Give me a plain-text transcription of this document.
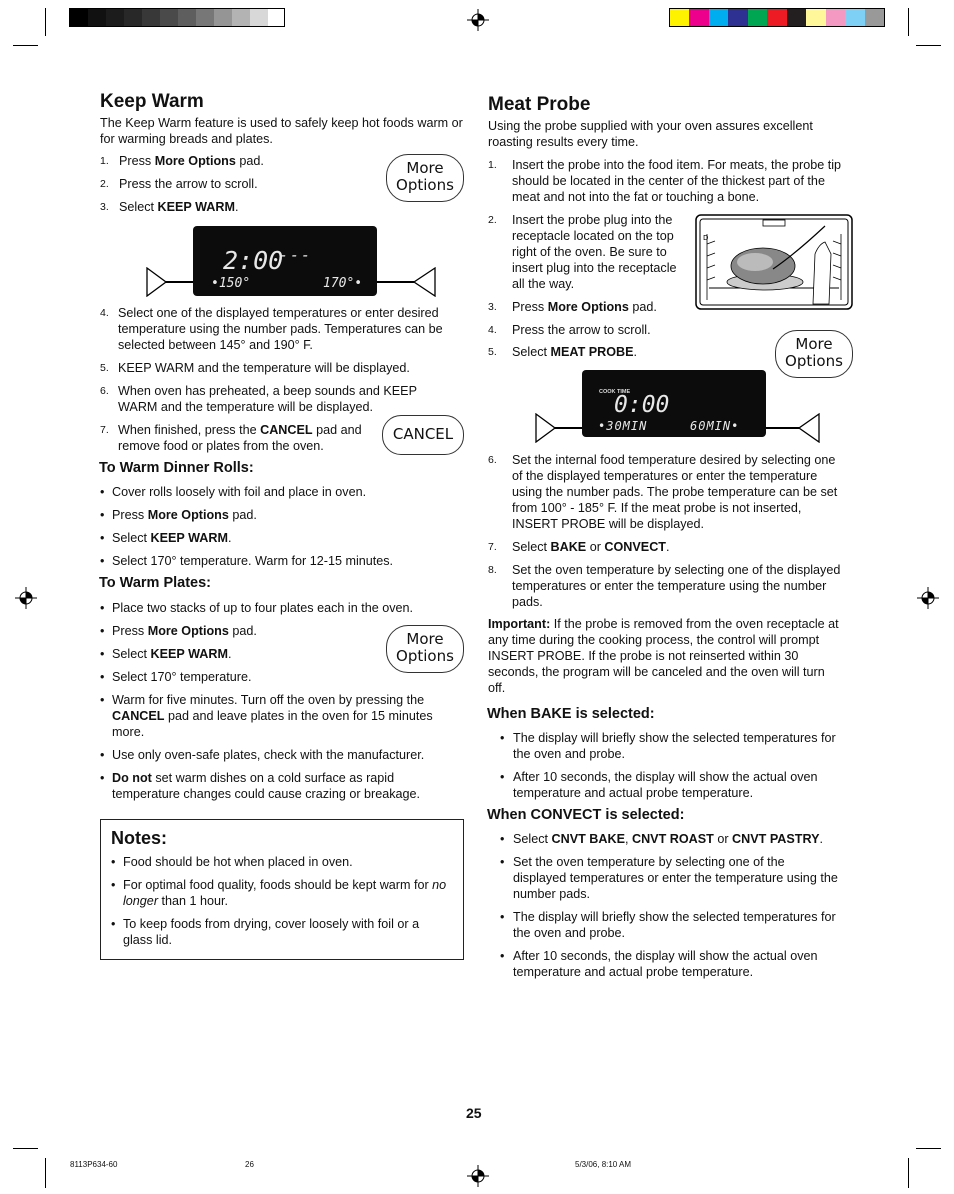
Keep Warm

The Keep Warm feature is used to safely keep hot foods warm or for warming breads and plates.

1. Press More Options pad.
2. Press the arrow to scroll.
3. Select KEEP WARM.
More
Options
2:00
---
•150°	170°•
4. Select one of the displayed temperatures or enter desired temperature using the number pads. Temperatures can be selected between 145° and 190° F.
5. KEEP WARM and the temperature will be displayed.
6. When oven has preheated, a beep sounds and KEEP WARM and the temperature will be displayed.
7. When finished, press the CANCEL pad and remove food or plates from the oven.
CANCEL
To Warm Dinner Rolls:
• Cover rolls loosely with foil and place in oven.
• Press More Options pad.
• Select KEEP WARM.
• Select 170° temperature. Warm for 12-15 minutes.
To Warm Plates:
• Place two stacks of up to four plates each in the oven.
• Press More Options pad.
• Select KEEP WARM.
• Select 170° temperature.
More
Options
• Warm for five minutes. Turn off the oven by pressing the CANCEL pad and leave plates in the oven for 15 minutes more.
• Use only oven-safe plates, check with the manufacturer.
• Do not set warm dishes on a cold surface as rapid temperature changes could cause crazing or breakage.
Notes:
• Food should be hot when placed in oven.
• For optimal food quality, foods should be kept warm for no longer than 1 hour.
• To keep foods from drying, cover loosely with foil or a glass lid.
Meat Probe

Using the probe supplied with your oven assures excellent roasting results every time.

1.	Insert the probe into the food item. For meats, the probe tip should be located in the center of the thickest part of the meat and not into the fat or touching a bone.
2.	Insert the probe plug into the receptacle located on the top right of the oven. Be sure to insert plug into the receptacle all the way.
D
3. Press More Options pad.
4. Press the arrow to scroll.
5. Select MEAT PROBE.	More
Options
COOK TIME
0:00
•30MIN	60MIN•
6.	Set the internal food temperature desired by selecting one of the displayed temperatures or enter the temperature using the number pads. The probe temperature can be set from 100° - 185° F. If the meat probe is not inserted, INSERT PROBE will be displayed.
7. Select BAKE or CONVECT.
8.	Set the oven temperature by selecting one of the displayed temperatures or enter the temperature using the number pads.
Important: If the probe is removed from the oven receptacle at any time during the cooking process, the control will prompt INSERT PROBE. If the probe is not reinserted within 30 seconds, the program will be canceled and the oven will turn off.
When BAKE is selected:
• The display will briefly show the selected temperatures for the oven and probe.
• After 10 seconds, the display will show the actual oven temperature and actual probe temperature.
When CONVECT is selected:
• Select CNVT BAKE, CNVT ROAST or CNVT PASTRY.
• Set the oven temperature by selecting one of the displayed temperatures or enter the temperature using the number pads.
• The display will briefly show the selected temperatures for the oven and probe.
• After 10 seconds, the display will show the actual oven temperature and actual probe temperature.
25
8113P634-60	26	5/3/06, 8:10 AM
